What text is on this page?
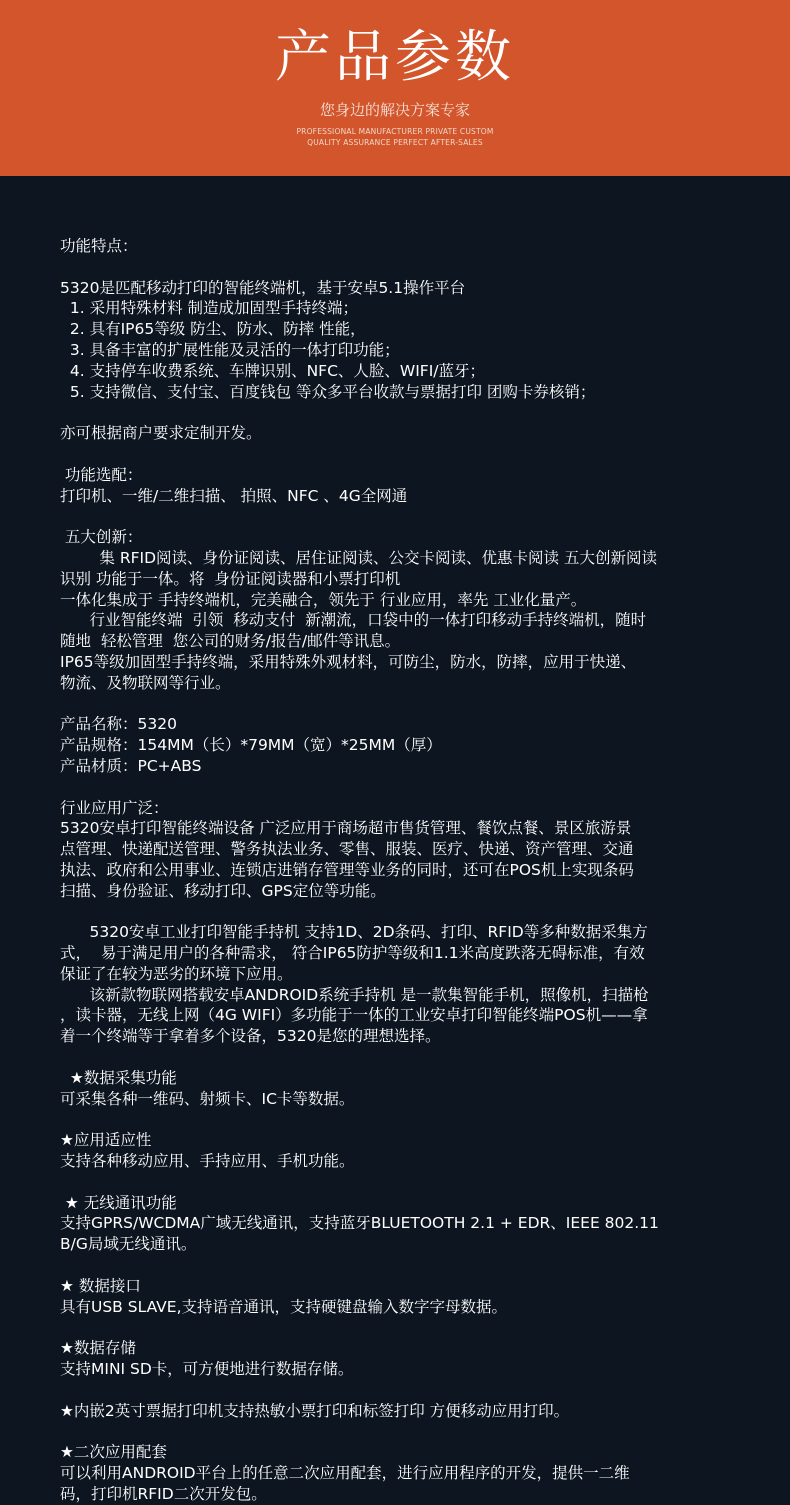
产品参数
您身边的解决方案专家
PROFESSIONAL MANUFACTURER PRIVATE CUSTOM
QUALITY ASSURANCE PERFECT AFTER-SALES
功能特点：
5320是匹配移动打印的智能终端机，基于安卓5.1操作平台
1. 采用特殊材料 制造成加固型手持终端；
2. 具有IP65等级 防尘、防水、防摔 性能，
3. 具备丰富的扩展性能及灵活的一体打印功能；
4. 支持停车收费系统、车牌识别、NFC、人脸、WIFI/蓝牙；
5. 支持微信、支付宝、百度钱包 等众多平台收款与票据打印 团购卡券核销；
亦可根据商户要求定制开发。
功能选配：
打印机、一维/二维扫描、 拍照、NFC 、4G全网通
五大创新：
集 RFID阅读、身份证阅读、居住证阅读、公交卡阅读、优惠卡阅读 五大创新阅读
识别 功能于一体。将  身份证阅读器和小票打印机
一体化集成于 手持终端机，完美融合，领先于 行业应用，率先 工业化量产。
行业智能终端  引领  移动支付  新潮流，口袋中的一体打印移动手持终端机，随时
随地  轻松管理  您公司的财务/报告/邮件等讯息。
IP65等级加固型手持终端，采用特殊外观材料，可防尘，防水，防摔，应用于快递、
物流、及物联网等行业。
产品名称：5320
产品规格：154MM（长）*79MM（宽）*25MM（厚）
产品材质：PC+ABS
行业应用广泛：
5320安卓打印智能终端设备 广泛应用于商场超市售货管理、餐饮点餐、景区旅游景
点管理、快递配送管理、警务执法业务、零售、服装、医疗、快递、资产管理、交通
执法、政府和公用事业、连锁店进销存管理等业务的同时，还可在POS机上实现条码
扫描、身份验证、移动打印、GPS定位等功能。
5320安卓工业打印智能手持机 支持1D、2D条码、打印、RFID等多种数据采集方
式，  易于满足用户的各种需求， 符合IP65防护等级和1.1米高度跌落无碍标准，有效
保证了在较为恶劣的环境下应用。
该新款物联网搭载安卓ANDROID系统手持机 是一款集智能手机，照像机，扫描枪
，读卡器，无线上网（4G WIFI）多功能于一体的工业安卓打印智能终端POS机——拿
着一个终端等于拿着多个设备，5320是您的理想选择。
★数据采集功能
可采集各种一维码、射频卡、IC卡等数据。
★应用适应性
支持各种移动应用、手持应用、手机功能。
★ 无线通讯功能
支持GPRS/WCDMA广域无线通讯，支持蓝牙BLUETOOTH 2.1 + EDR、IEEE 802.11
B/G局域无线通讯。
★ 数据接口
具有USB SLAVE,支持语音通讯，支持硬键盘输入数字字母数据。
★数据存储
支持MINI SD卡，可方便地进行数据存储。
★内嵌2英寸票据打印机支持热敏小票打印和标签打印 方便移动应用打印。
★二次应用配套
可以利用ANDROID平台上的任意二次应用配套，进行应用程序的开发，提供一二维
码，打印机RFID二次开发包。
